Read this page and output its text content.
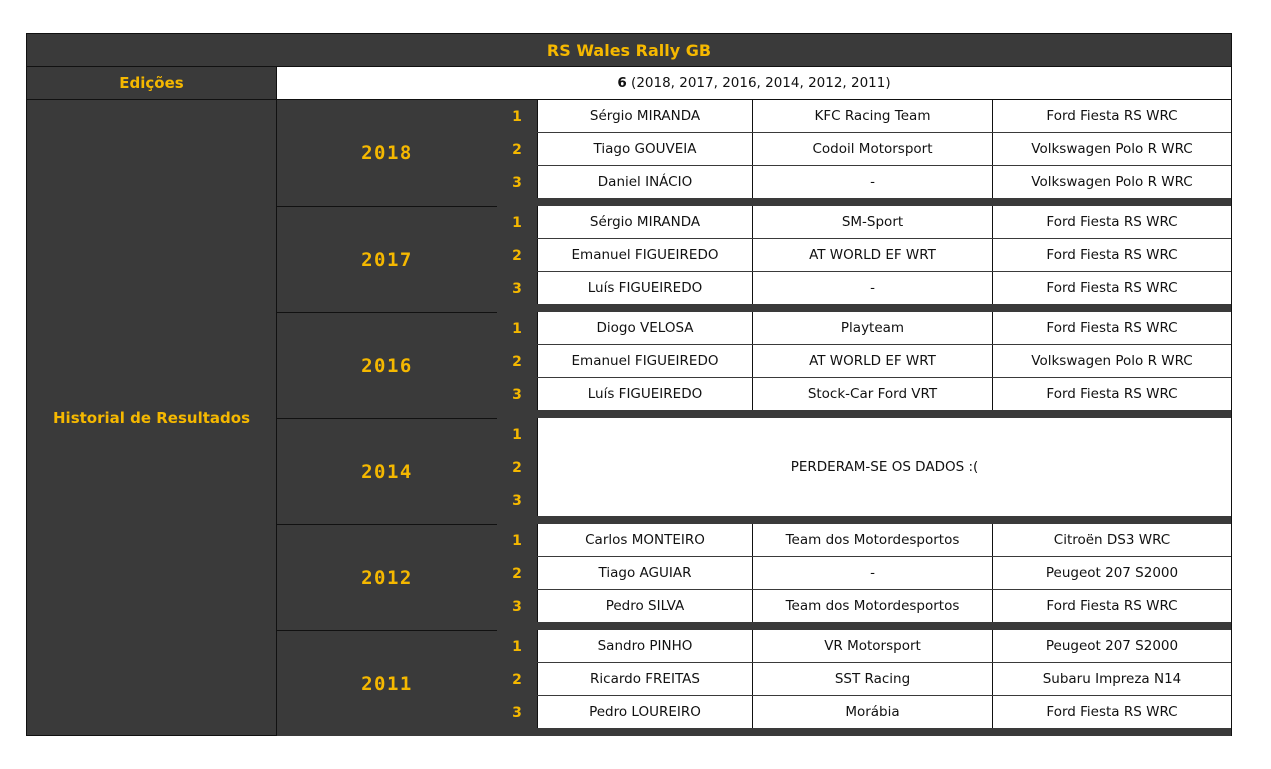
RS Wales Rally GB
Edições	6
(2018, 2017, 2016, 2014, 2012, 2011)
Historial de Resultados
2018
1	Sérgio MIRANDA	KFC Racing Team	Ford Fiesta RS WRC
2	Tiago GOUVEIA	Codoil Motorsport	Volkswagen Polo R WRC
3	Daniel INÁCIO	-	Volkswagen Polo R WRC
2017
1	Sérgio MIRANDA	SM-Sport	Ford Fiesta RS WRC
2	Emanuel FIGUEIREDO	AT WORLD EF WRT	Ford Fiesta RS WRC
3	Luís FIGUEIREDO	-	Ford Fiesta RS WRC
2016
1	Diogo VELOSA	Playteam	Ford Fiesta RS WRC
2	Emanuel FIGUEIREDO	AT WORLD EF WRT	Volkswagen Polo R WRC
3	Luís FIGUEIREDO	Stock-Car Ford VRT	Ford Fiesta RS WRC
2014
1
2
3
PERDERAM-SE OS DADOS :(
2012
1	Carlos MONTEIRO	Team dos Motordesportos	Citroën DS3 WRC
2	Tiago AGUIAR	-	Peugeot 207 S2000
3	Pedro SILVA	Team dos Motordesportos	Ford Fiesta RS WRC
2011
1	Sandro PINHO	VR Motorsport	Peugeot 207 S2000
2	Ricardo FREITAS	SST Racing	Subaru Impreza N14
3	Pedro LOUREIRO	Morábia	Ford Fiesta RS WRC
